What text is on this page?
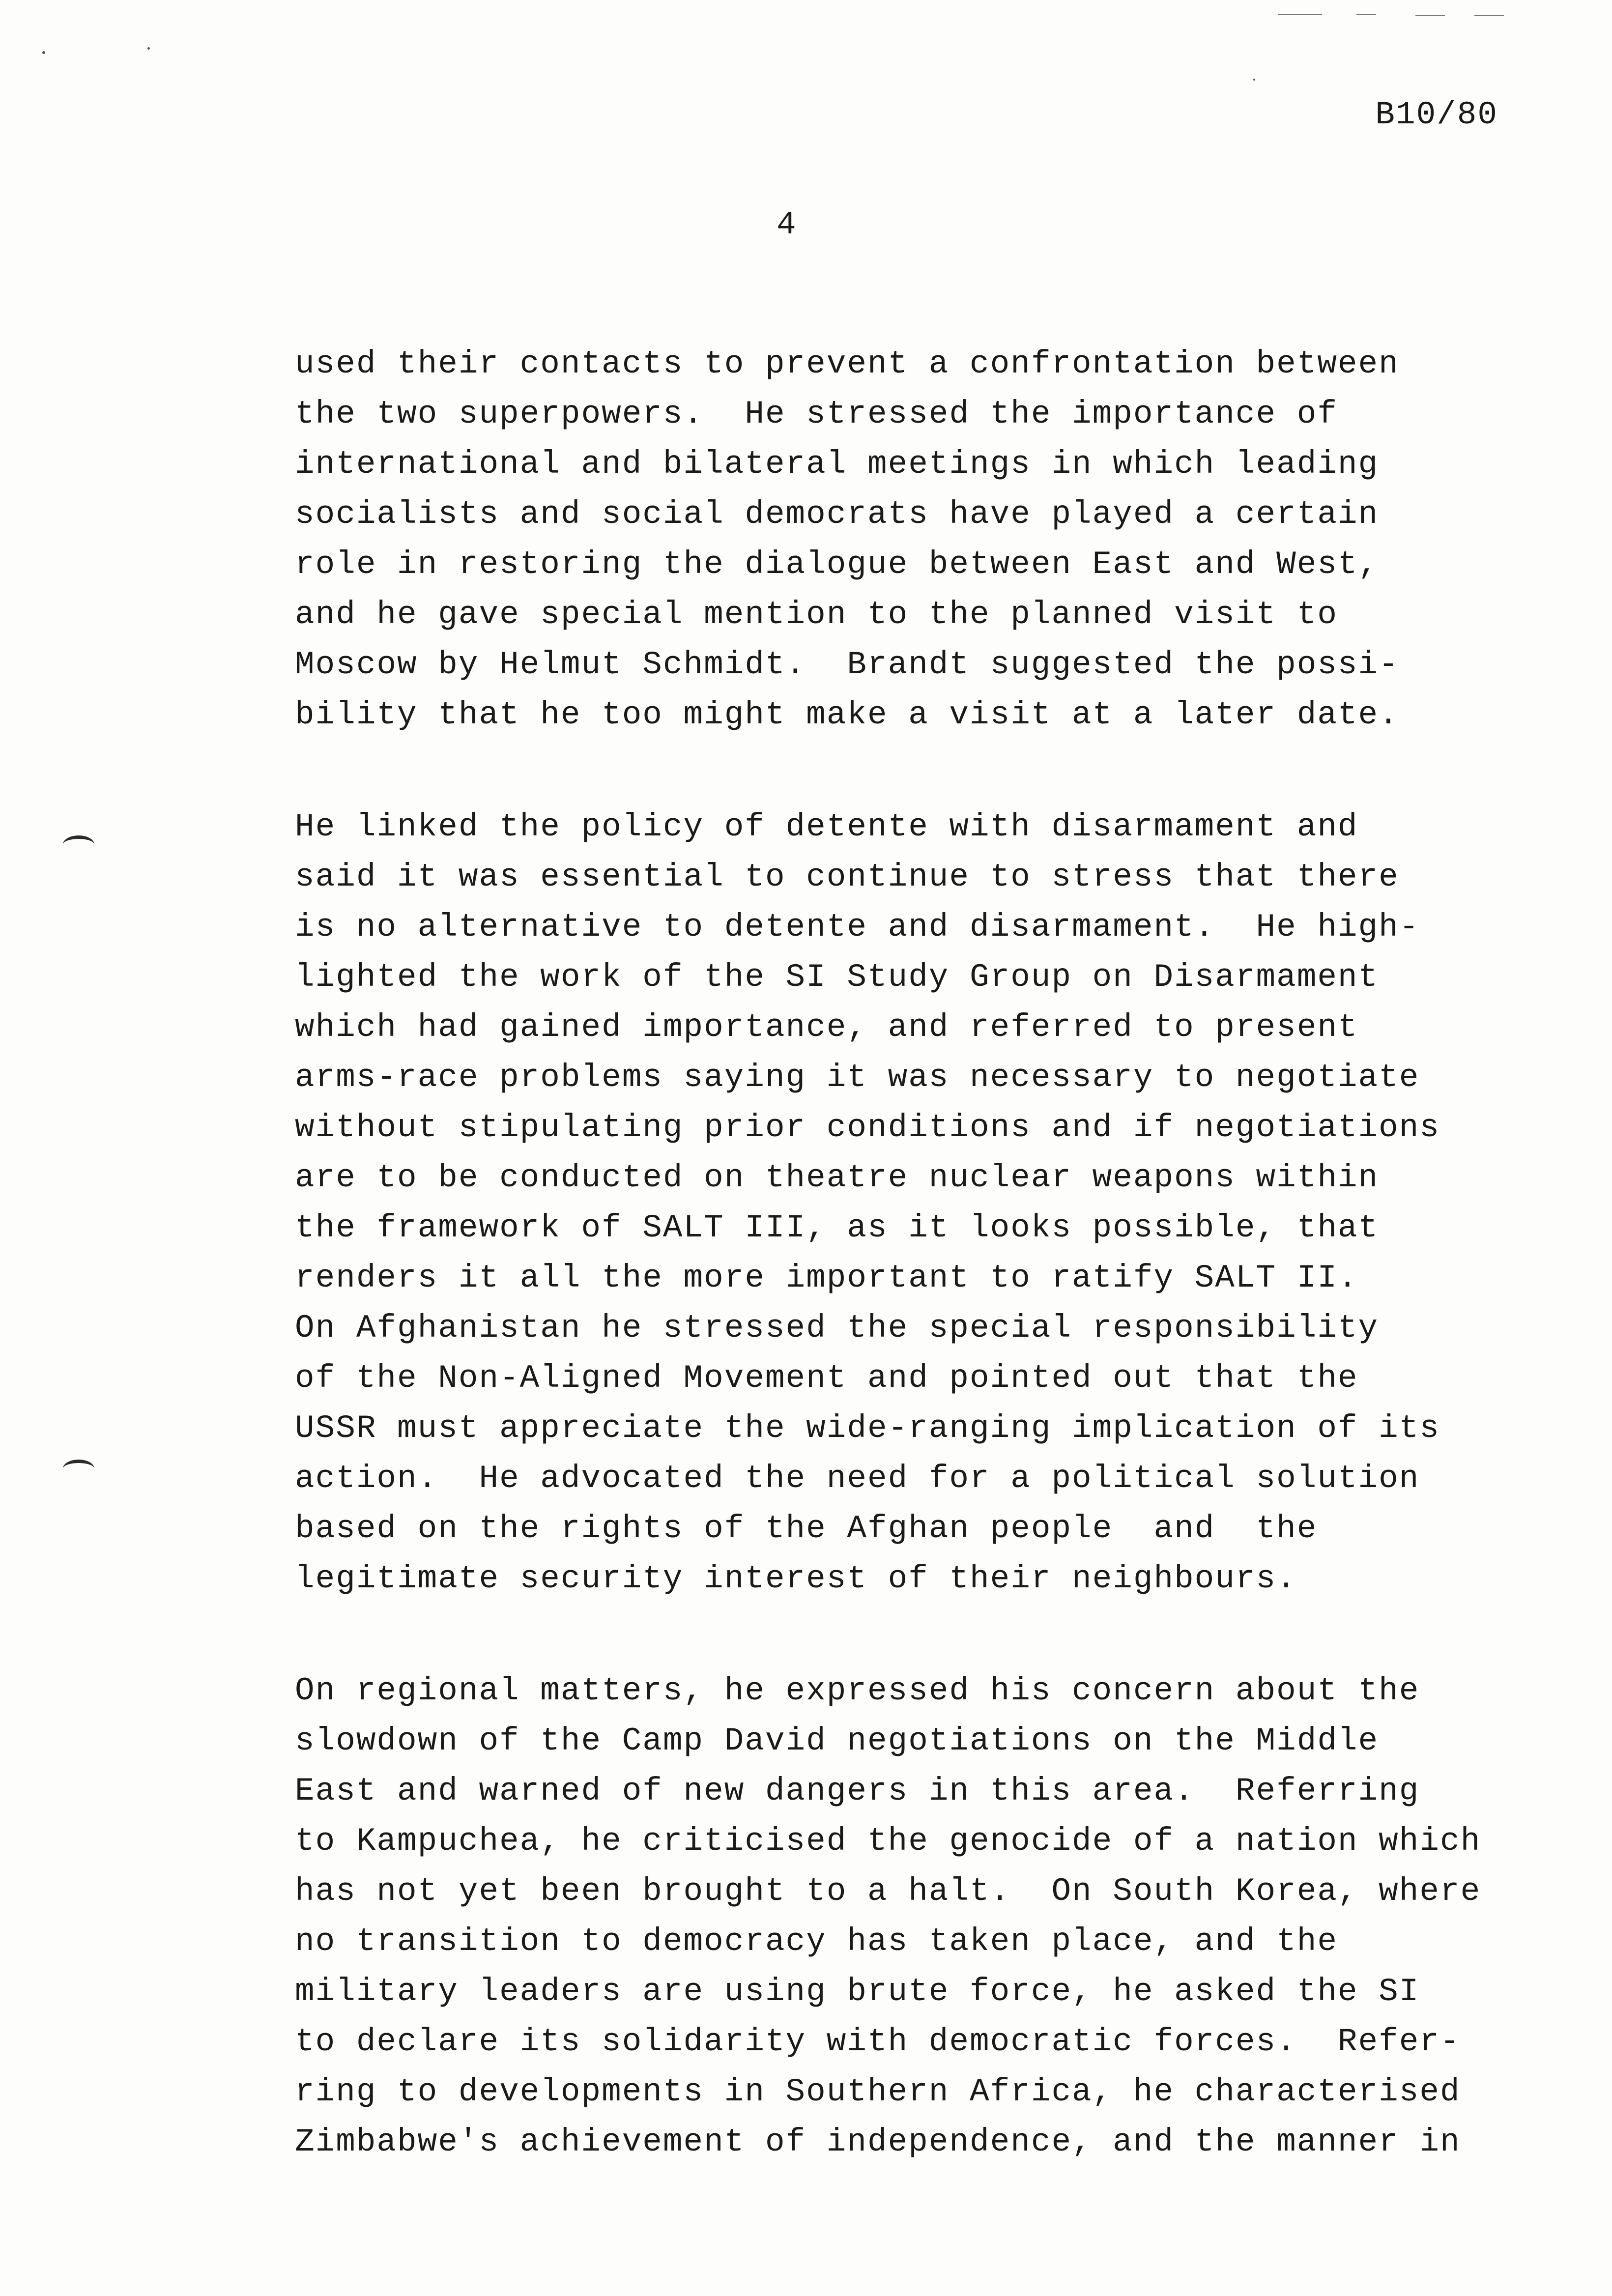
B10/80
4
used their contacts to prevent a confrontation between
the two superpowers.  He stressed the importance of
international and bilateral meetings in which leading
socialists and social democrats have played a certain
role in restoring the dialogue between East and West,
and he gave special mention to the planned visit to
Moscow by Helmut Schmidt.  Brandt suggested the possi-
bility that he too might make a visit at a later date.
He linked the policy of detente with disarmament and
said it was essential to continue to stress that there
is no alternative to detente and disarmament.  He high-
lighted the work of the SI Study Group on Disarmament
which had gained importance, and referred to present
arms-race problems saying it was necessary to negotiate
without stipulating prior conditions and if negotiations
are to be conducted on theatre nuclear weapons within
the framework of SALT III, as it looks possible, that
renders it all the more important to ratify SALT II.
On Afghanistan he stressed the special responsibility
of the Non-Aligned Movement and pointed out that the
USSR must appreciate the wide-ranging implication of its
action.  He advocated the need for a political solution
based on the rights of the Afghan people  and  the
legitimate security interest of their neighbours.
On regional matters, he expressed his concern about the
slowdown of the Camp David negotiations on the Middle
East and warned of new dangers in this area.  Referring
to Kampuchea, he criticised the genocide of a nation which
has not yet been brought to a halt.  On South Korea, where
no transition to democracy has taken place, and the
military leaders are using brute force, he asked the SI
to declare its solidarity with democratic forces.  Refer-
ring to developments in Southern Africa, he characterised
Zimbabwe's achievement of independence, and the manner in
